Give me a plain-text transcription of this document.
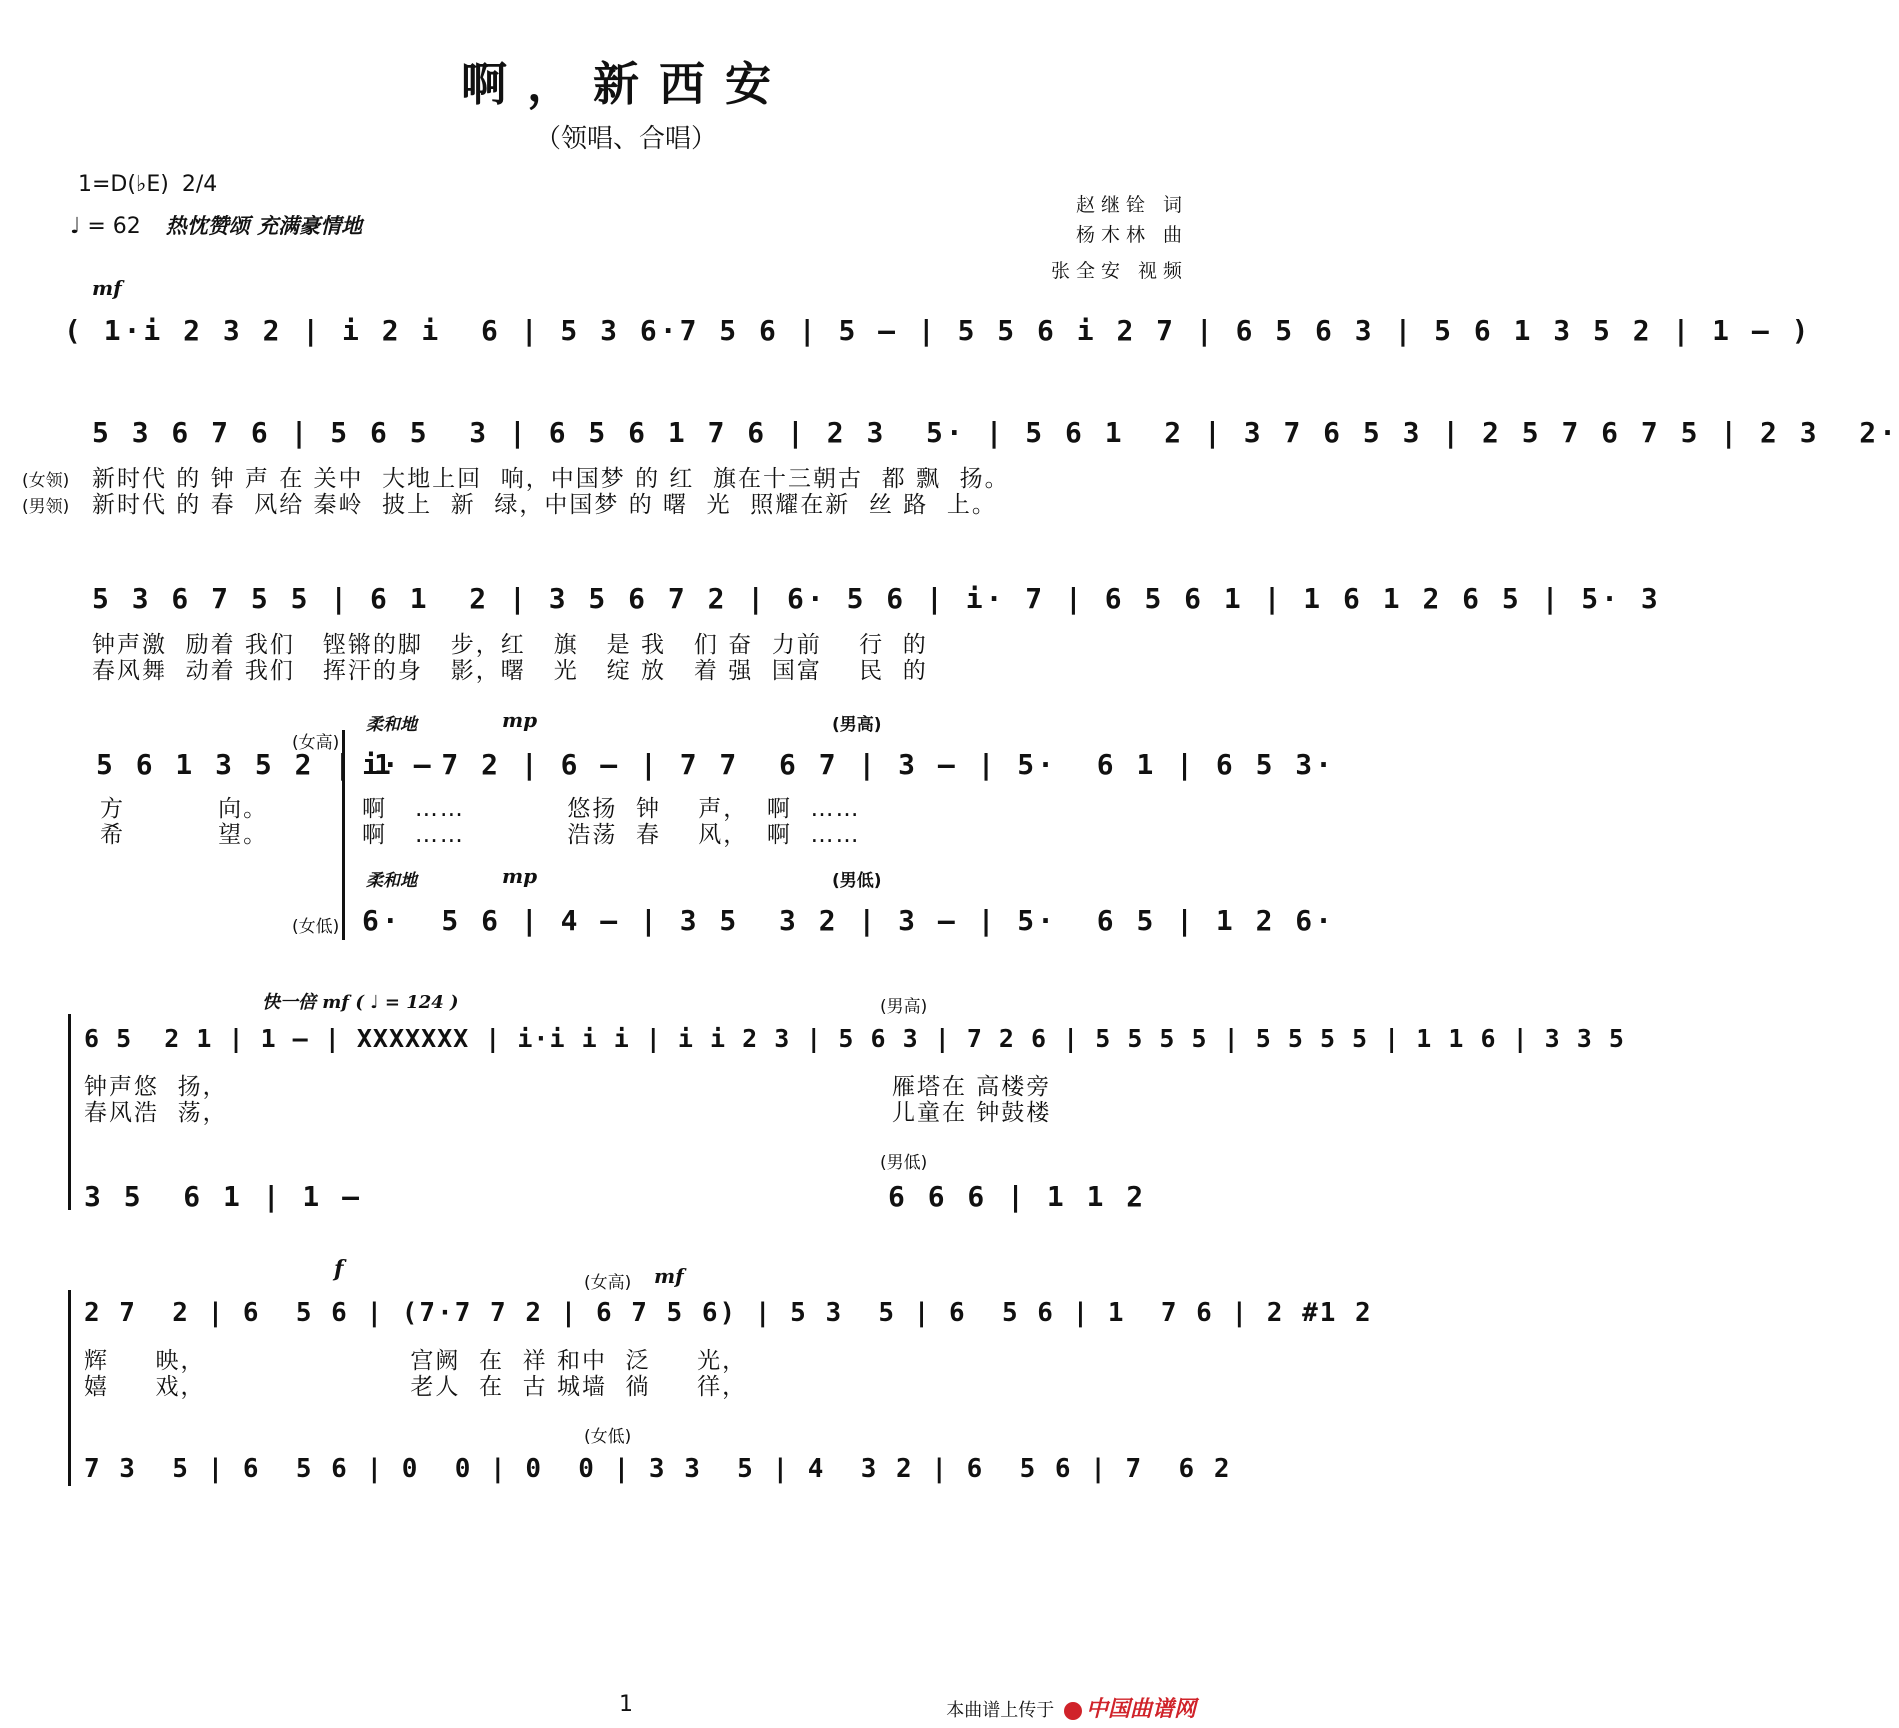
啊，新西安
（领唱、合唱）
1=D(♭E) 2/4
♩ = 62 热忱赞颂 充满豪情地
赵继铨 词
杨木林 曲
张全安 视频
mf
( 1·i 2 3 2 | i 2 i  6 | 5 3 6·7 5 6 | 5 – | 5 5 6 i 2 7 | 6 5 6 3 | 5 6 1 3 5 2 | 1 – )
5 3 6 7 6 | 5 6 5  3 | 6 5 6 1 7 6 | 2 3  5· | 5 6 1  2 | 3 7 6 5 3 | 2 5 7 6 7 5 | 2 3  2·
(女领) 新时代 的 钟 声 在 关中  大地上回  响，中国梦 的 红  旗在十三朝古  都 飘  扬。
(男领) 新时代 的 春  风给 秦岭  披上  新  绿，中国梦 的 曙  光  照耀在新  丝 路  上。
5 3 6 7 5 5 | 6 1  2 | 3 5 6 7 2 | 6· 5 6 | i· 7 | 6 5 6 1 | 1 6 1 2 6 5 | 5· 3
钟声激  励着 我们   铿锵的脚   步，红   旗   是 我   们 奋  力前    行  的
春风舞  动着 我们   挥汗的身   影，曙   光   绽 放   着 强  国富    民  的
(女高)
柔和地	mp	(男高)
5 6 1 3 5 2 | 1 –
i·  7 2 | 6 – | 7 7  6 7 | 3 – | 5·  6 1 | 6 5 3·
方          向。
希          望。
啊   ……           悠扬  钟    声，  啊  ……
啊   ……           浩荡  春    风，  啊  ……
柔和地	mp	(男低)
(女低) 6·  5 6 | 4 – | 3 5  3 2 | 3 – | 5·  6 5 | 1 2 6·
快一倍 mf ( ♩ = 124 )	(男高)
6 5  2 1 | 1 – | XXXXXXX | i·i i i | i i 2 3 | 5 6 3 | 7 2 6 | 5 5 5 5 | 5 5 5 5 | 1 1 6 | 3 3 5
钟声悠  扬，
春风浩  荡，
雁塔在 高楼旁
儿童在 钟鼓楼
(男低)
3 5  6 1 | 1 –	6 6 6 | 1 1 2
f
(女高) mf
2 7  2 | 6  5 6 | (7·7 7 2 | 6 7 5 6) | 5 3  5 | 6  5 6 | 1  7 6 | 2 #1 2
辉     映，                      宫阙  在  祥 和中  泛     光，
嬉     戏，                      老人  在  古 城墙  徜     徉，
(女低)
7 3  5 | 6  5 6 | 0  0 | 0  0 | 3 3  5 | 4  3 2 | 6  5 6 | 7  6 2
1	本曲谱上传于 中国曲谱网
